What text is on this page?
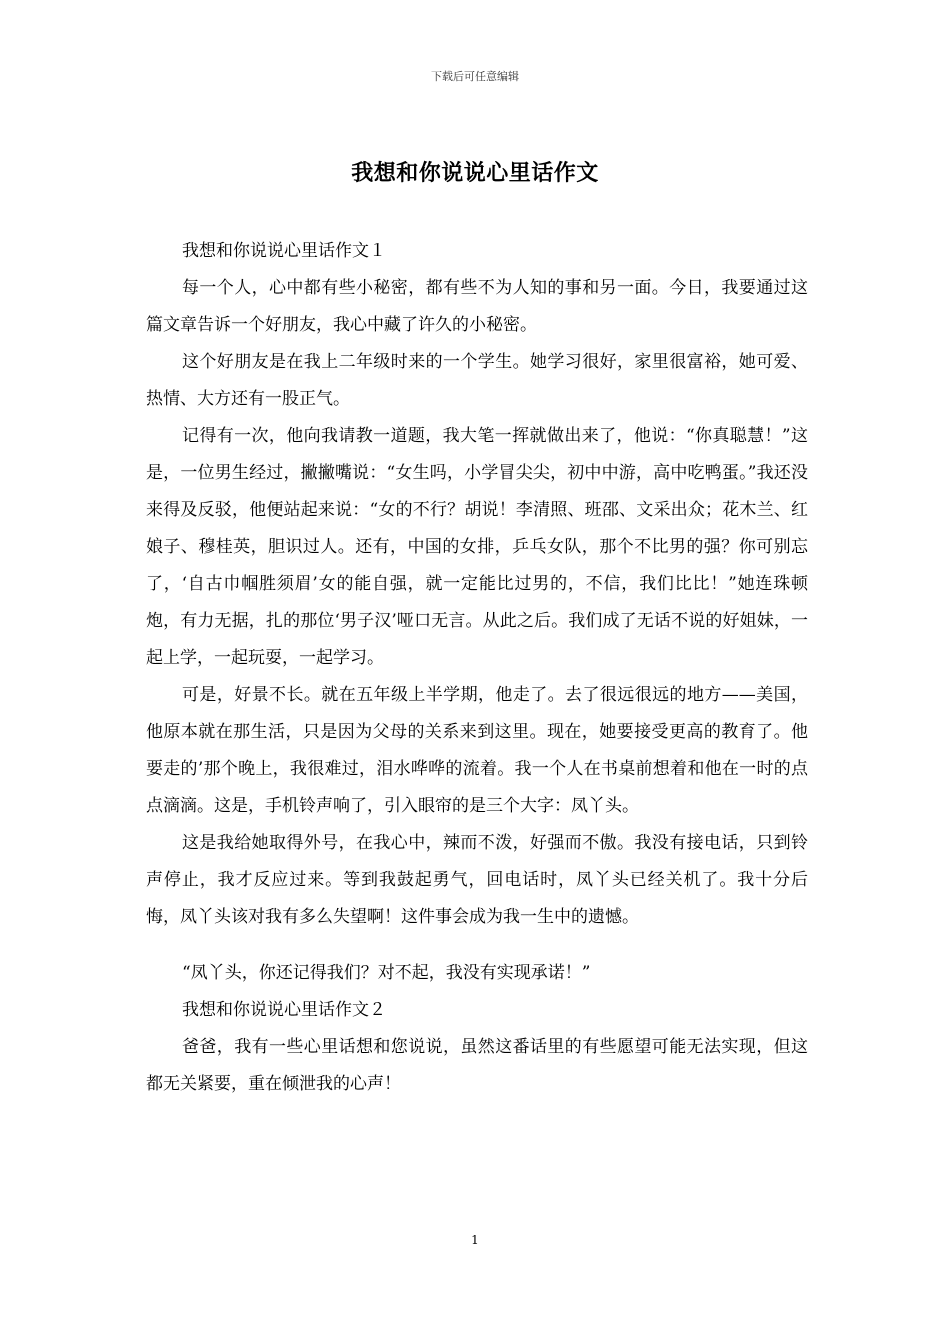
下载后可任意编辑
我想和你说说心里话作文

我想和你说说心里话作文１

每一个人，心中都有些小秘密，都有些不为人知的事和另一面。今日，我要通过这篇文章告诉一个好朋友，我心中藏了许久的小秘密。

这个好朋友是在我上二年级时来的一个学生。她学习很好，家里很富裕，她可爱、热情、大方还有一股正气。

记得有一次，他向我请教一道题，我大笔一挥就做出来了，他说：“你真聪慧！”这是，一位男生经过，撇撇嘴说：“女生吗，小学冒尖尖，初中中游，高中吃鸭蛋。”我还没来得及反驳，他便站起来说：“女的不行？胡说！李清照、班邵、文采出众；花木兰、红娘子、穆桂英，胆识过人。还有，中国的女排，乒乓女队，那个不比男的强？你可别忘了，‘自古巾帼胜须眉’女的能自强，就一定能比过男的，不信，我们比比！”她连珠顿炮，有力无据，扎的那位‘男子汉’哑口无言。从此之后。我们成了无话不说的好姐妹，一起上学，一起玩耍，一起学习。

可是，好景不长。就在五年级上半学期，他走了。去了很远很远的地方——美国，他原本就在那生活，只是因为父母的关系来到这里。现在，她要接受更高的教育了。他要走的’那个晚上，我很难过，泪水哗哗的流着。我一个人在书桌前想着和他在一时的点点滴滴。这是，手机铃声响了，引入眼帘的是三个大字：凤丫头。

这是我给她取得外号，在我心中，辣而不泼，好强而不傲。我没有接电话，只到铃声停止，我才反应过来。等到我鼓起勇气，回电话时，凤丫头已经关机了。我十分后悔，凤丫头该对我有多么失望啊！这件事会成为我一生中的遗憾。

“凤丫头，你还记得我们？对不起，我没有实现承诺！”

我想和你说说心里话作文２

爸爸，我有一些心里话想和您说说，虽然这番话里的有些愿望可能无法实现，但这都无关紧要，重在倾泄我的心声！

1
